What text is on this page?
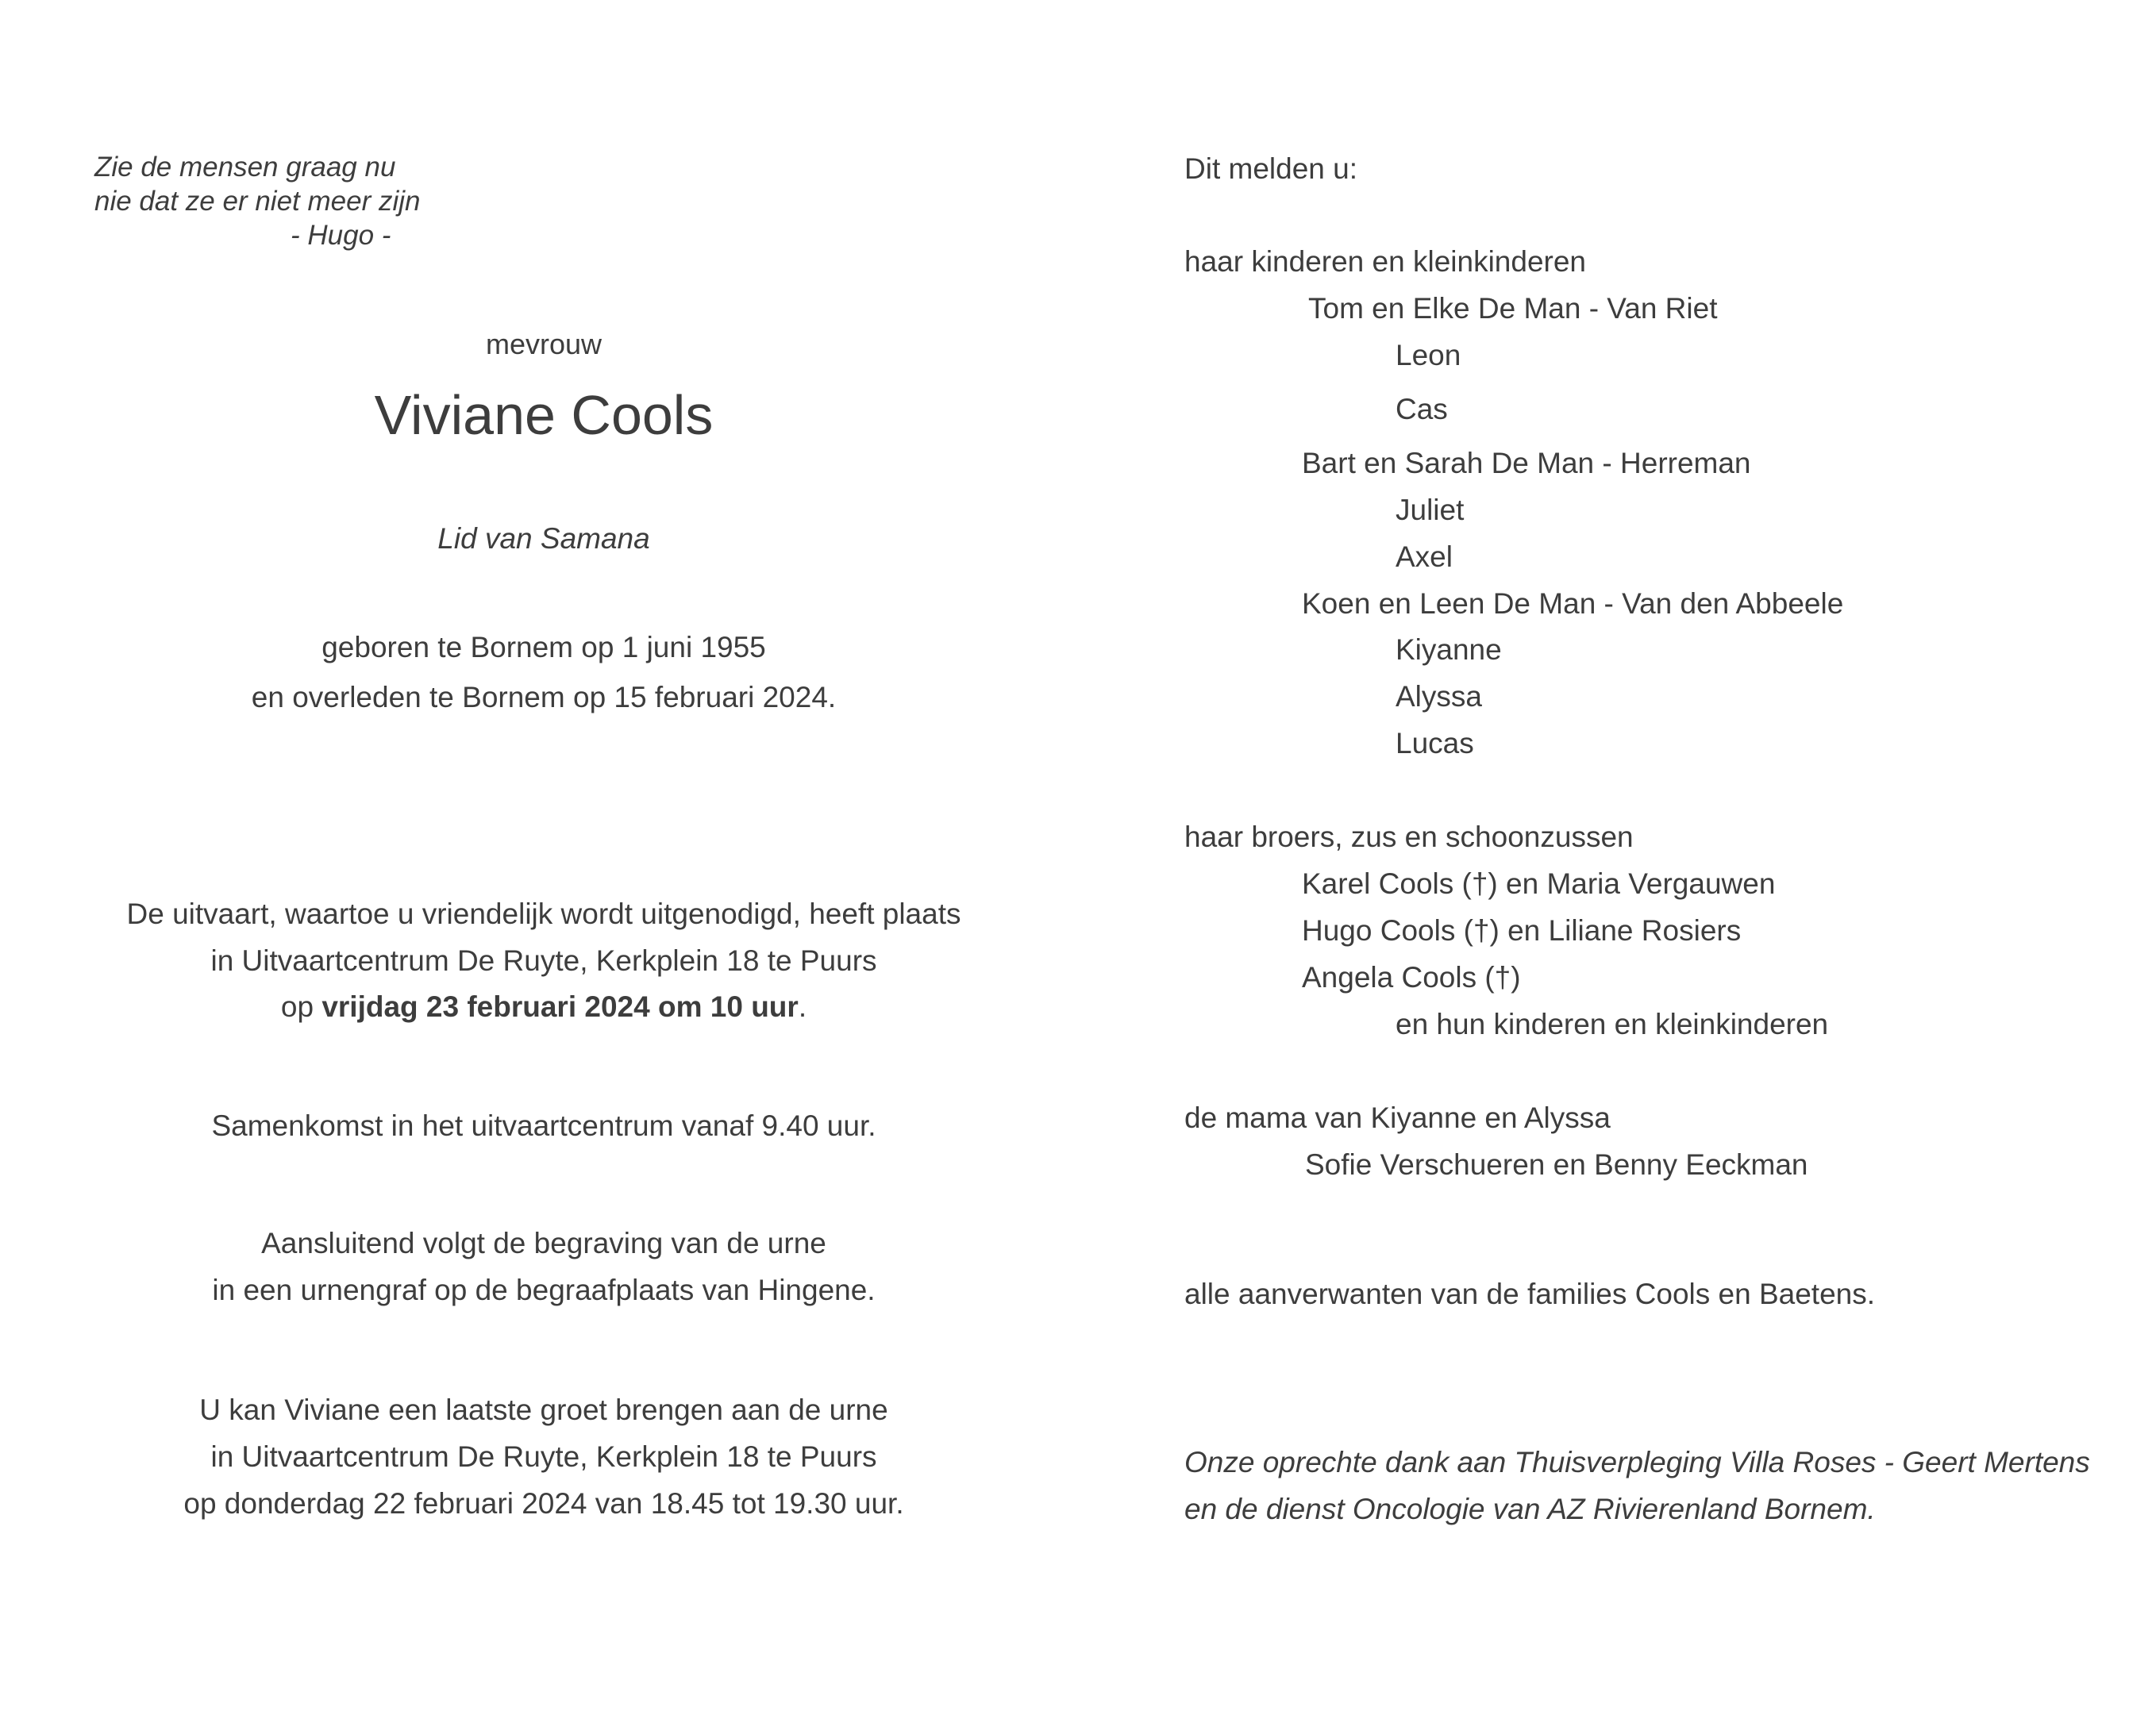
Zie de mensen graag nu

nie dat ze er niet meer zijn

- Hugo -

mevrouw

Viviane Cools

Lid van Samana

geboren te Bornem op 1 juni 1955

en overleden te Bornem op 15 februari 2024.

De uitvaart, waartoe u vriendelijk wordt uitgenodigd, heeft plaats

in Uitvaartcentrum De Ruyte, Kerkplein 18 te Puurs

op vrijdag 23 februari 2024 om 10 uur.

Samenkomst in het uitvaartcentrum vanaf 9.40 uur.

Aansluitend volgt de begraving van de urne

in een urnengraf op de begraafplaats van Hingene.

U kan Viviane een laatste groet brengen aan de urne

in Uitvaartcentrum De Ruyte, Kerkplein 18 te Puurs

op donderdag 22 februari 2024 van 18.45 tot 19.30 uur.

Dit melden u:

haar kinderen en kleinkinderen

Tom en Elke De Man - Van Riet

Leon

Cas

Bart en Sarah De Man - Herreman

Juliet

Axel

Koen en Leen De Man - Van den Abbeele

Kiyanne

Alyssa

Lucas

haar broers, zus en schoonzussen

Karel Cools (†) en Maria Vergauwen

Hugo Cools (†) en Liliane Rosiers

Angela Cools (†)

en hun kinderen en kleinkinderen

de mama van Kiyanne en Alyssa

Sofie Verschueren en Benny Eeckman

alle aanverwanten van de families Cools en Baetens.

Onze oprechte dank aan Thuisverpleging Villa Roses - Geert Mertens

en de dienst Oncologie van AZ Rivierenland Bornem.
